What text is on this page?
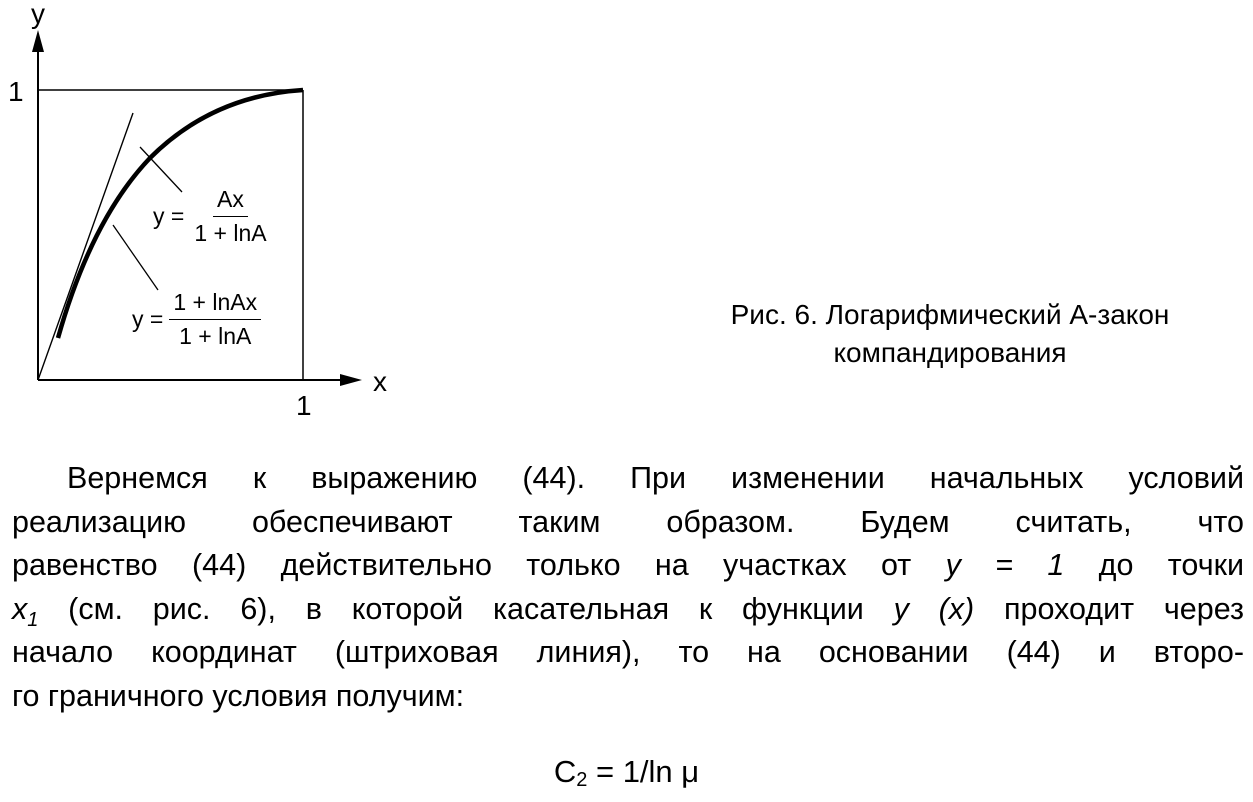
y
x
1
1
$y = \frac{Ax}{1 + \ln A}$
$y = \frac{\text{1 + lnAx}}{1 + \ln A}$	Рис. 6. Логарифмический А-закон
компандирования
Вернемся к выражению (44). При изменении начальных условий
реализацию обеспечивают таким образом. Будем считать, что
равенство (44) действительно только на участках от y = 1 до точки
$x_1$ (см. рис. 6), в которой касательная к функции y (x) проходит через
начало координат (штриховая линия), то на основании (44) и второ-
го граничного условия получим:
$C_2 = 1/\ln$ μ
